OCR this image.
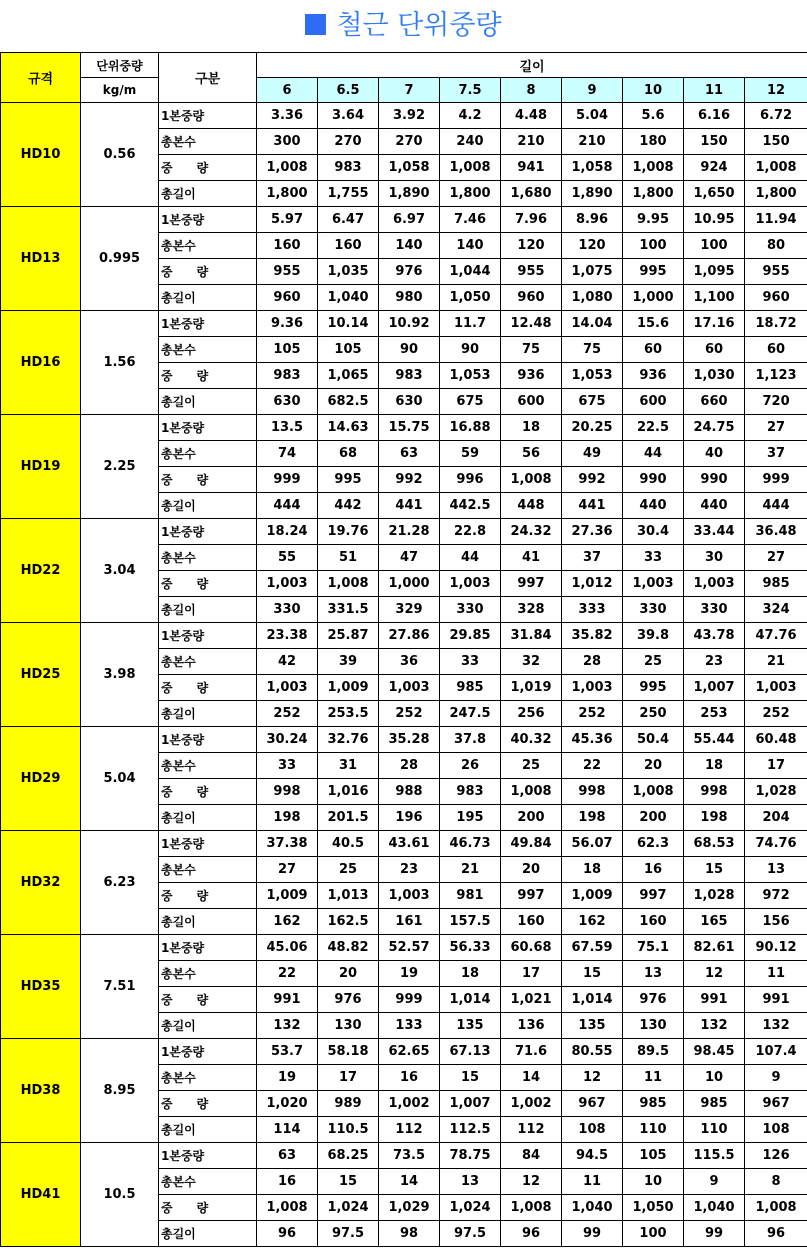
철근 단위중량
규격	단위중량	구분	길이								
	kg/m		6	6.5	7	7.5	8	9	10	11	12
HD10	0.56	1본중량	3.36	3.64	3.92	4.2	4.48	5.04	5.6	6.16	6.72
		총본수	300	270	270	240	210	210	180	150	150
		중　　량	1,008	983	1,058	1,008	941	1,058	1,008	924	1,008
		총길이	1,800	1,755	1,890	1,800	1,680	1,890	1,800	1,650	1,800
HD13	0.995	1본중량	5.97	6.47	6.97	7.46	7.96	8.96	9.95	10.95	11.94
		총본수	160	160	140	140	120	120	100	100	80
		중　　량	955	1,035	976	1,044	955	1,075	995	1,095	955
		총길이	960	1,040	980	1,050	960	1,080	1,000	1,100	960
HD16	1.56	1본중량	9.36	10.14	10.92	11.7	12.48	14.04	15.6	17.16	18.72
		총본수	105	105	90	90	75	75	60	60	60
		중　　량	983	1,065	983	1,053	936	1,053	936	1,030	1,123
		총길이	630	682.5	630	675	600	675	600	660	720
HD19	2.25	1본중량	13.5	14.63	15.75	16.88	18	20.25	22.5	24.75	27
		총본수	74	68	63	59	56	49	44	40	37
		중　　량	999	995	992	996	1,008	992	990	990	999
		총길이	444	442	441	442.5	448	441	440	440	444
HD22	3.04	1본중량	18.24	19.76	21.28	22.8	24.32	27.36	30.4	33.44	36.48
		총본수	55	51	47	44	41	37	33	30	27
		중　　량	1,003	1,008	1,000	1,003	997	1,012	1,003	1,003	985
		총길이	330	331.5	329	330	328	333	330	330	324
HD25	3.98	1본중량	23.38	25.87	27.86	29.85	31.84	35.82	39.8	43.78	47.76
		총본수	42	39	36	33	32	28	25	23	21
		중　　량	1,003	1,009	1,003	985	1,019	1,003	995	1,007	1,003
		총길이	252	253.5	252	247.5	256	252	250	253	252
HD29	5.04	1본중량	30.24	32.76	35.28	37.8	40.32	45.36	50.4	55.44	60.48
		총본수	33	31	28	26	25	22	20	18	17
		중　　량	998	1,016	988	983	1,008	998	1,008	998	1,028
		총길이	198	201.5	196	195	200	198	200	198	204
HD32	6.23	1본중량	37.38	40.5	43.61	46.73	49.84	56.07	62.3	68.53	74.76
		총본수	27	25	23	21	20	18	16	15	13
		중　　량	1,009	1,013	1,003	981	997	1,009	997	1,028	972
		총길이	162	162.5	161	157.5	160	162	160	165	156
HD35	7.51	1본중량	45.06	48.82	52.57	56.33	60.68	67.59	75.1	82.61	90.12
		총본수	22	20	19	18	17	15	13	12	11
		중　　량	991	976	999	1,014	1,021	1,014	976	991	991
		총길이	132	130	133	135	136	135	130	132	132
HD38	8.95	1본중량	53.7	58.18	62.65	67.13	71.6	80.55	89.5	98.45	107.4
		총본수	19	17	16	15	14	12	11	10	9
		중　　량	1,020	989	1,002	1,007	1,002	967	985	985	967
		총길이	114	110.5	112	112.5	112	108	110	110	108
HD41	10.5	1본중량	63	68.25	73.5	78.75	84	94.5	105	115.5	126
		총본수	16	15	14	13	12	11	10	9	8
		중　　량	1,008	1,024	1,029	1,024	1,008	1,040	1,050	1,040	1,008
		총길이	96	97.5	98	97.5	96	99	100	99	96
